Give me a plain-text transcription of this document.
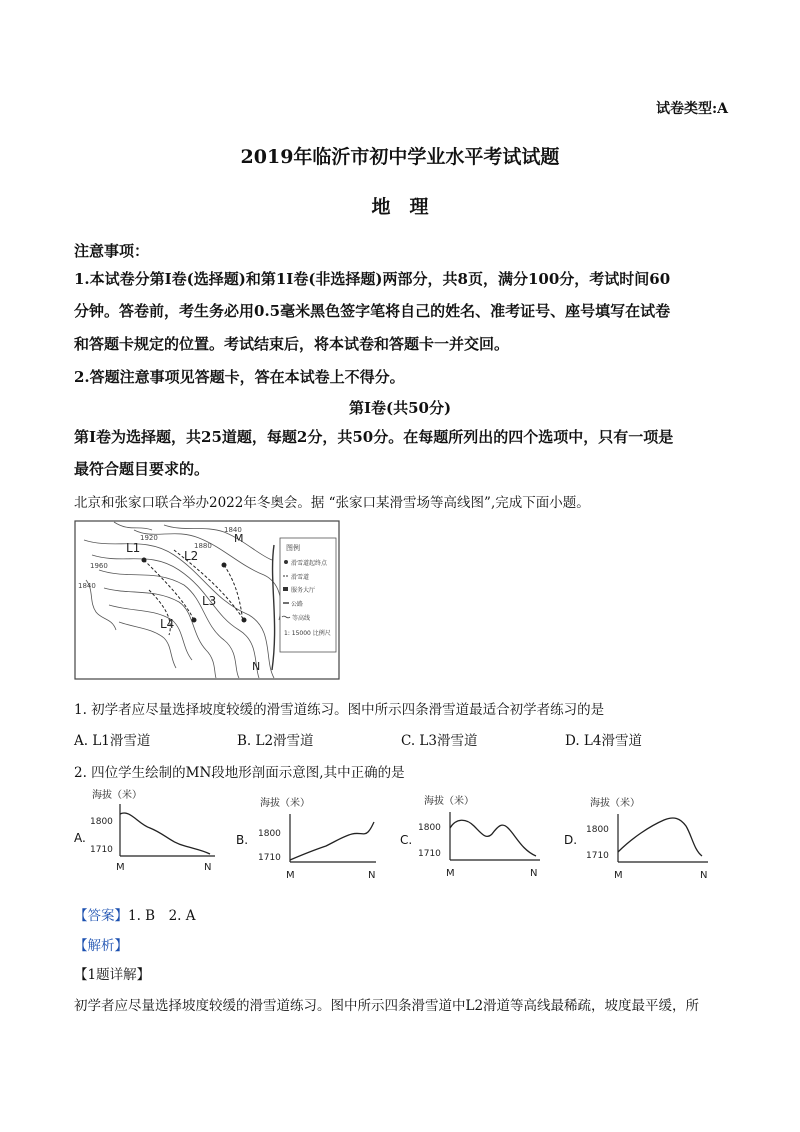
试卷类型:A
2019年临沂市初中学业水平考试试题
地　理
注意事项：
1.本试卷分第Ⅰ卷(选择题)和第1I卷(非选择题)两部分，共8页，满分100分，考试时间60
分钟。答卷前，考生务必用0.5毫米黑色签字笔将自己的姓名、准考证号、座号填写在试卷
和答题卡规定的位置。考试结束后，将本试卷和答题卡一并交回。
2.答题注意事项见答题卡，答在本试卷上不得分。
第Ⅰ卷(共50分)
第Ⅰ卷为选择题，共25道题，每题2分，共50分。在每题所列出的四个选项中，只有一项是
最符合题目要求的。
北京和张家口联合举办2022年冬奥会。据 “张家口某滑雪场等高线图”,完成下面小题。
L1
L2
L3
L4
M
N
1840
1920
1960
1880
1840
图例
滑雪道起终点
滑雪道
服务大厅
公路
等高线
1: 15000 比例尺
1. 初学者应尽量选择坡度较缓的滑雪道练习。图中所示四条滑雪道最适合初学者练习的是
A. L1滑雪道	B. L2滑雪道	C. L3滑雪道	D. L4滑雪道
2. 四位学生绘制的MN段地形剖面示意图,其中正确的是
A.
海拔（米）
1800
1710
M	N
B.
海拔（米）
1800
1710
M	N
C.
海拔（米）
1800
1710
M	N
D.
海拔（米）
1800
1710
M	N
【答案】1. B　2. A
【解析】
【1题详解】
初学者应尽量选择坡度较缓的滑雪道练习。图中所示四条滑雪道中L2滑道等高线最稀疏，坡度最平缓，所
